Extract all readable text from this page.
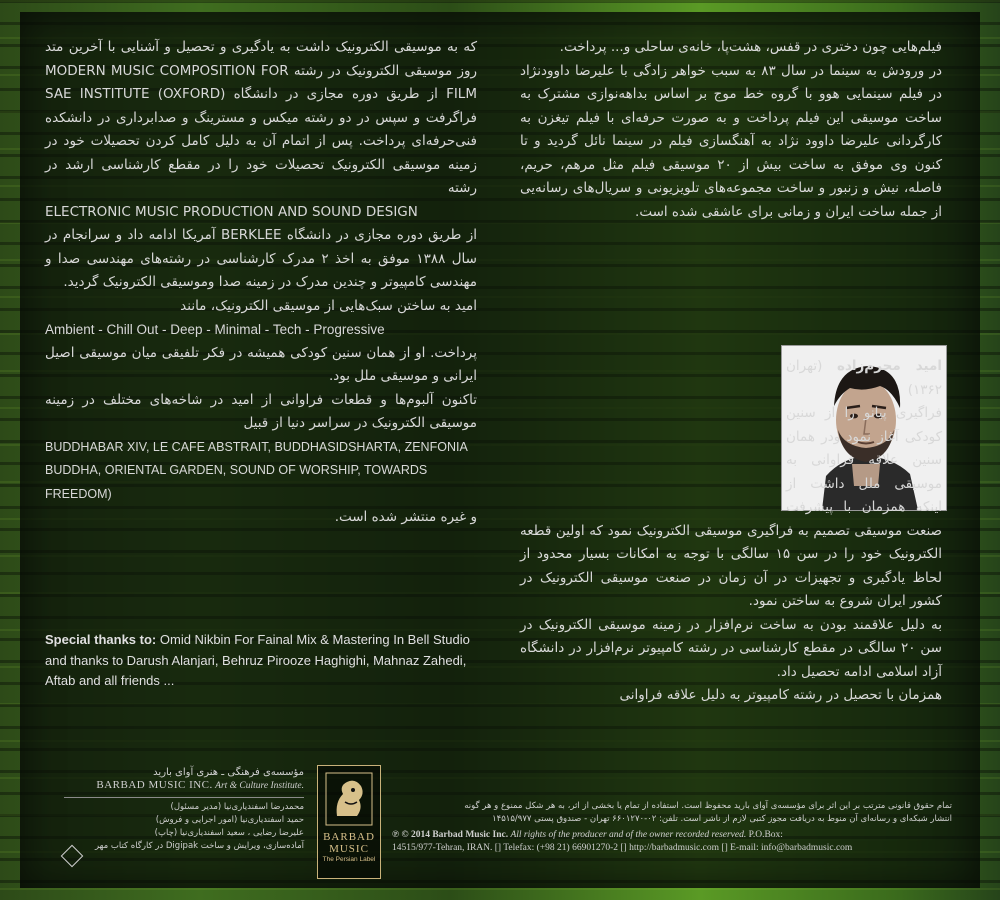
فیلم‌هایی چون دختری در قفس، هشت‌پا، خانه‌ی ساحلی و... پرداخت.

در ورودش به سینما در سال ۸۳ به سبب خواهر زادگی با علیرضا داوودنژاد در فیلم سینمایی هوو با گروه خط موج بر اساس بداهه‌نوازی مشترک به ساخت موسیقی این فیلم پرداخت و به صورت حرفه‌ای با فیلم تیغزن به کارگردانی علیرضا داوود نژاد به آهنگسازی فیلم در سینما نائل گردید و تا کنون وی موفق به ساخت بیش از ۲۰ موسیقی فیلم مثل مرهم، حریم، فاصله، نیش و زنبور و ساخت مجموعه‌های تلویزیونی و سریال‌های رسانه‌یی از جمله ساخت ایران و زمانی برای عاشقی شده است.

امید محرم‌زاده (تهران ۱۳۶۲)

فراگیری پیانو را از سنین کودکی آغاز نمود ودر همان سنین علاقه فراوانی به موسیقی ملل داشت از اینکه همزمان با پیشرفت صنعت موسیقی تصمیم به فراگیری موسیقی الکترونیک نمود که اولین قطعه الکترونیک خود را در سن ۱۵ سالگی با توجه به امکانات بسیار محدود از لحاظ یادگیری و تجهیزات در آن زمان در صنعت موسیقی الکترونیک در کشور ایران شروع به ساختن نمود.

به دلیل علاقمند بودن به ساخت نرم‌افزار در زمینه موسیقی الکترونیک در سن ۲۰ سالگی در مقطع کارشناسی در رشته کامپیوتر نرم‌افزار در دانشگاه آزاد اسلامی ادامه تحصیل داد.

همزمان با تحصیل در رشته کامپیوتر به دلیل علاقه فراوانی

که به موسیقی الکترونیک داشت به یادگیری و تحصیل و آشنایی با آخرین متد روز موسیقی الکترونیک در رشته MODERN MUSIC COMPOSITION FOR FILM از طریق دوره مجازی در دانشگاه SAE INSTITUTE (OXFORD) فراگرفت و سپس در دو رشته میکس و مسترینگ و صدابرداری در دانشکده فنی‌حرفه‌ای پرداخت. پس از اتمام آن به دلیل کامل کردن تحصیلات خود در زمینه موسیقی الکترونیک تحصیلات خود را در مقطع کارشناسی ارشد در رشته
ELECTRONIC MUSIC PRODUCTION AND SOUND DESIGN
از طریق دوره مجازی در دانشگاه BERKLEE آمریکا ادامه داد و سرانجام در سال ۱۳۸۸ موفق به اخذ ۲ مدرک کارشناسی در رشته‌های مهندسی صدا و مهندسی کامپیوتر و چندین مدرک در زمینه صدا وموسیقی الکترونیک گردید.

امید به ساختن سبک‌هایی از موسیقی الکترونیک، مانند
Ambient - Chill Out - Deep - Minimal - Tech - Progressive
پرداخت. او از همان سنین کودکی همیشه در فکر تلفیقی میان موسیقی اصیل ایرانی و موسیقی ملل بود.

تاکنون آلبوم‌ها و قطعات فراوانی از امید در شاخه‌های مختلف در زمینه موسیقی الکترونیک در سراسر دنیا از قبیل
BUDDHABAR XIV, LE CAFE ABSTRAIT, BUDDHASIDSHARTA, ZENFONIA BUDDHA, ORIENTAL GARDEN, SOUND OF WORSHIP, TOWARDS FREEDOM)
و غیره منتشر شده است.

Special thanks to: Omid Nikbin For Fainal Mix & Mastering In Bell Studio
and thanks to Darush Alanjari, Behruz Pirooze Haghighi, Mahnaz Zahedi, Aftab and all friends ...
مؤسسه‌ی فرهنگی ـ هنری آوای بارید
BARBAD MUSIC INC. Art & Culture Institute.
محمدرضا اسفندیاری‌نیا (مدیر مسئول)
حمید اسفندیاری‌نیا (امور اجرایی و فروش)
علیرضا رضایی ، سعید اسفندیاری‌نیا (چاپ)
آماده‌سازی، ویرایش و ساخت Digipak در کارگاه کتاب مهر
BARBAD MUSIC
The Persian Label
تمام حقوق قانونی مترتب بر این اثر برای مؤسسه‌ی آوای بارید محفوظ است. استفاده از تمام یا بخشی از اثر، به هر شکل ممنوع و هر گونه
انتشار شبکه‌ای و رسانه‌ای آن منوط به دریافت مجوز کتبی لازم از ناشر است. تلفن: ۰۲-۶۶۰۱۲۷۰ تهران - صندوق پستی ۱۴۵۱۵/۹۷۷
℗ © 2014 Barbad Music Inc. All rights of the producer and of the owner recorded reserved. P.O.Box:
14515/977-Tehran, IRAN. [] Telefax: (+98 21) 66901270-2 [] http://barbadmusic.com [] E-mail: info@barbadmusic.com
